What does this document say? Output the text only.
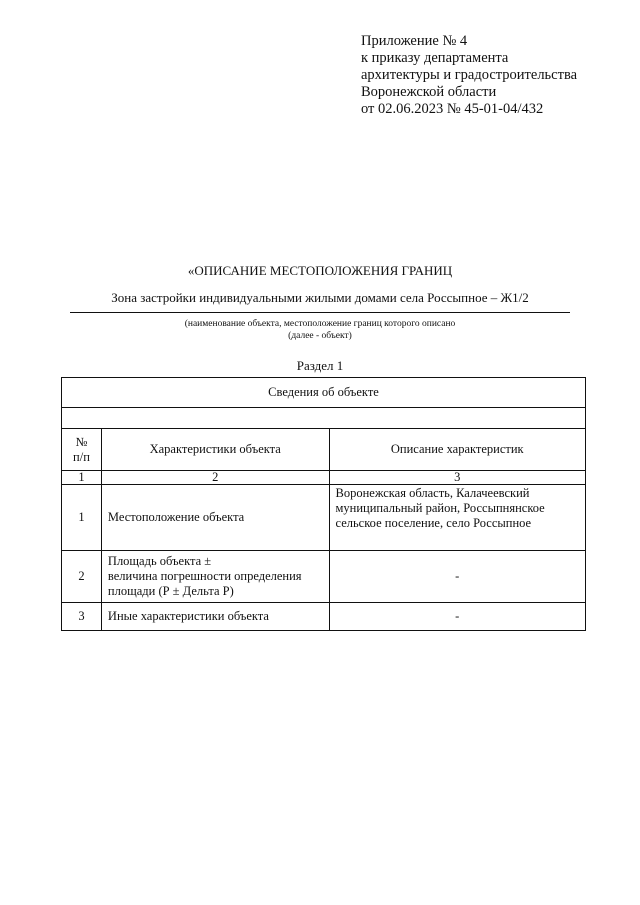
Приложение № 4
к приказу департамента
архитектуры и градостроительства
Воронежской области
от 02.06.2023 № 45-01-04/432
«ОПИСАНИЕ МЕСТОПОЛОЖЕНИЯ ГРАНИЦ
Зона застройки индивидуальными жилыми домами села Россыпное – Ж1/2
(наименование объекта, местоположение границ которого описано
(далее - объект)
Раздел 1
Сведения об объекте		

№
п/п	Характеристики объекта	Описание характеристик
1	2	3
1	Местоположение объекта	Воронежская область, Калачеевский муниципальный район, Россыпнянское сельское поселение, село Россыпное
2	Площадь объекта ±
величина погрешности определения площади (Р ± Дельта Р)	-
3	Иные характеристики объекта	-
